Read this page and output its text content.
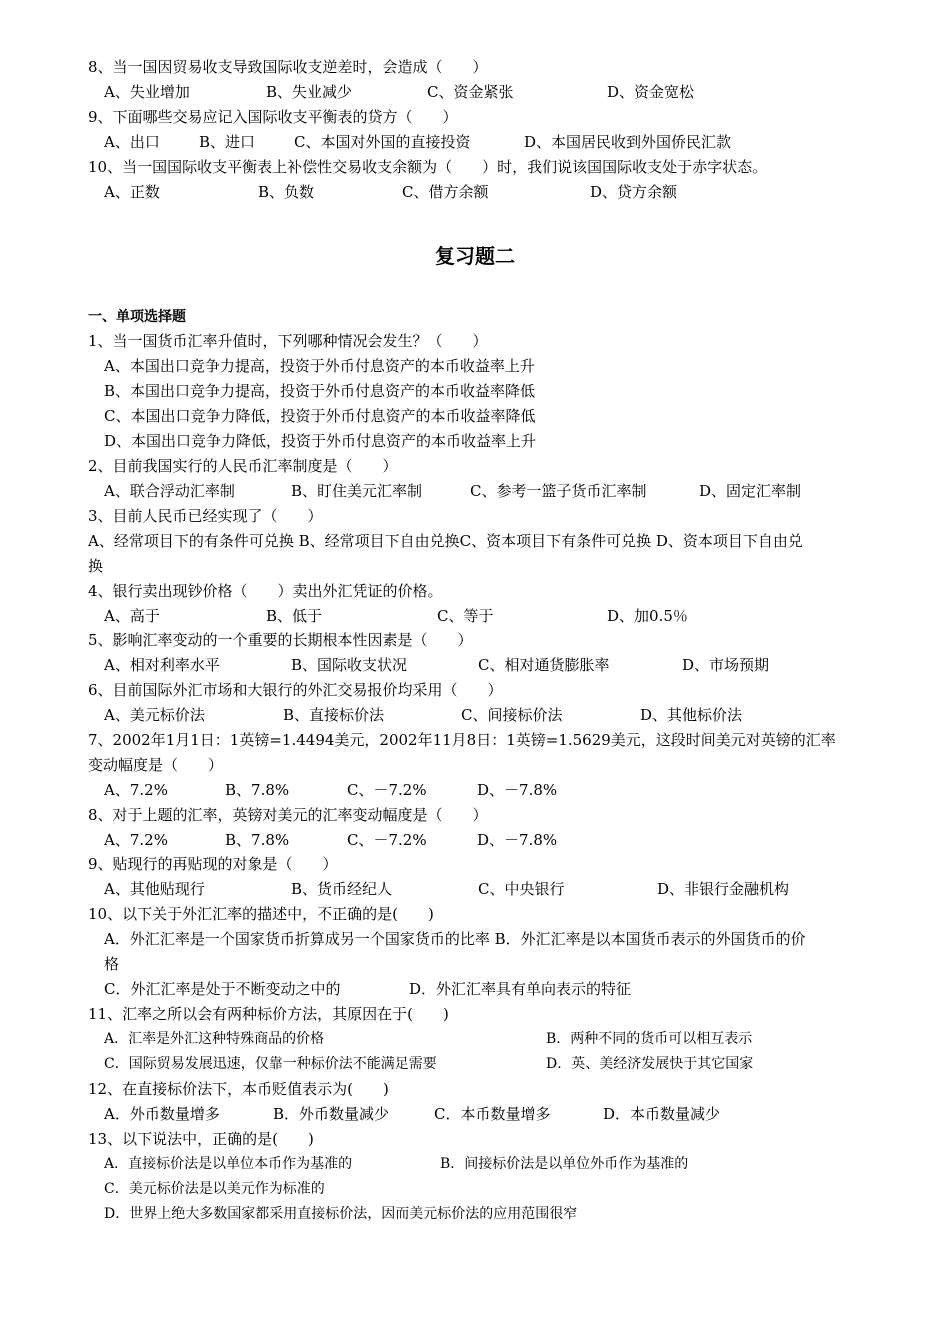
8、当一国因贸易收支导致国际收支逆差时，会造成（　　）
A、失业增加	B、失业减少	C、资金紧张	D、资金宽松
9、下面哪些交易应记入国际收支平衡表的贷方（　　）
A、出口	B、进口	C、本国对外国的直接投资	D、本国居民收到外国侨民汇款
10、当一国国际收支平衡表上补偿性交易收支余额为（　　）时，我们说该国国际收支处于赤字状态。
A、正数	B、负数	C、借方余额	D、贷方余额
复习题二
一、单项选择题
1、当一国货币汇率升值时，下列哪种情况会发生？（　　）
A、本国出口竞争力提高，投资于外币付息资产的本币收益率上升
B、本国出口竞争力提高，投资于外币付息资产的本币收益率降低
C、本国出口竞争力降低，投资于外币付息资产的本币收益率降低
D、本国出口竞争力降低，投资于外币付息资产的本币收益率上升
2、目前我国实行的人民币汇率制度是（　　）
A、联合浮动汇率制	B、盯住美元汇率制	C、参考一篮子货币汇率制	D、固定汇率制
3、目前人民币已经实现了（　　）
A、经常项目下的有条件可兑换 B、经常项目下自由兑换C、资本项目下有条件可兑换 D、资本项目下自由兑
换
4、银行卖出现钞价格（　　）卖出外汇凭证的价格。
A、高于	B、低于	C、等于	D、加0.5％
5、影响汇率变动的一个重要的长期根本性因素是（　　）
A、相对利率水平	B、国际收支状况	C、相对通货膨胀率	D、市场预期
6、目前国际外汇市场和大银行的外汇交易报价均采用（　　）
A、美元标价法	B、直接标价法	C、间接标价法	D、其他标价法
7、2002年1月1日：1英镑=1.4494美元，2002年11月8日：1英镑=1.5629美元，这段时间美元对英镑的汇率
变动幅度是（　　）
A、7.2%	B、7.8%	C、－7.2%	D、－7.8%
8、对于上题的汇率，英镑对美元的汇率变动幅度是（　　）
A、7.2%	B、7.8%	C、－7.2%	D、－7.8%
9、贴现行的再贴现的对象是（　　）
A、其他贴现行	B、货币经纪人	C、中央银行	D、非银行金融机构
10、以下关于外汇汇率的描述中，不正确的是(　　)
A．外汇汇率是一个国家货币折算成另一个国家货币的比率 B．外汇汇率是以本国货币表示的外国货币的价
格
C．外汇汇率是处于不断变动之中的	D．外汇汇率具有单向表示的特征
11、汇率之所以会有两种标价方法，其原因在于(　　)
A．汇率是外汇这种特殊商品的价格	B．两种不同的货币可以相互表示
C．国际贸易发展迅速，仅靠一种标价法不能满足需要	D．英、美经济发展快于其它国家
12、在直接标价法下，本币贬值表示为(　　)
A．外币数量增多	B．外币数量减少	C．本币数量增多	D．本币数量减少
13、以下说法中，正确的是(　　)
A．直接标价法是以单位本币作为基准的	B．间接标价法是以单位外币作为基准的
C．美元标价法是以美元作为标准的
D．世界上绝大多数国家都采用直接标价法，因而美元标价法的应用范围很窄
